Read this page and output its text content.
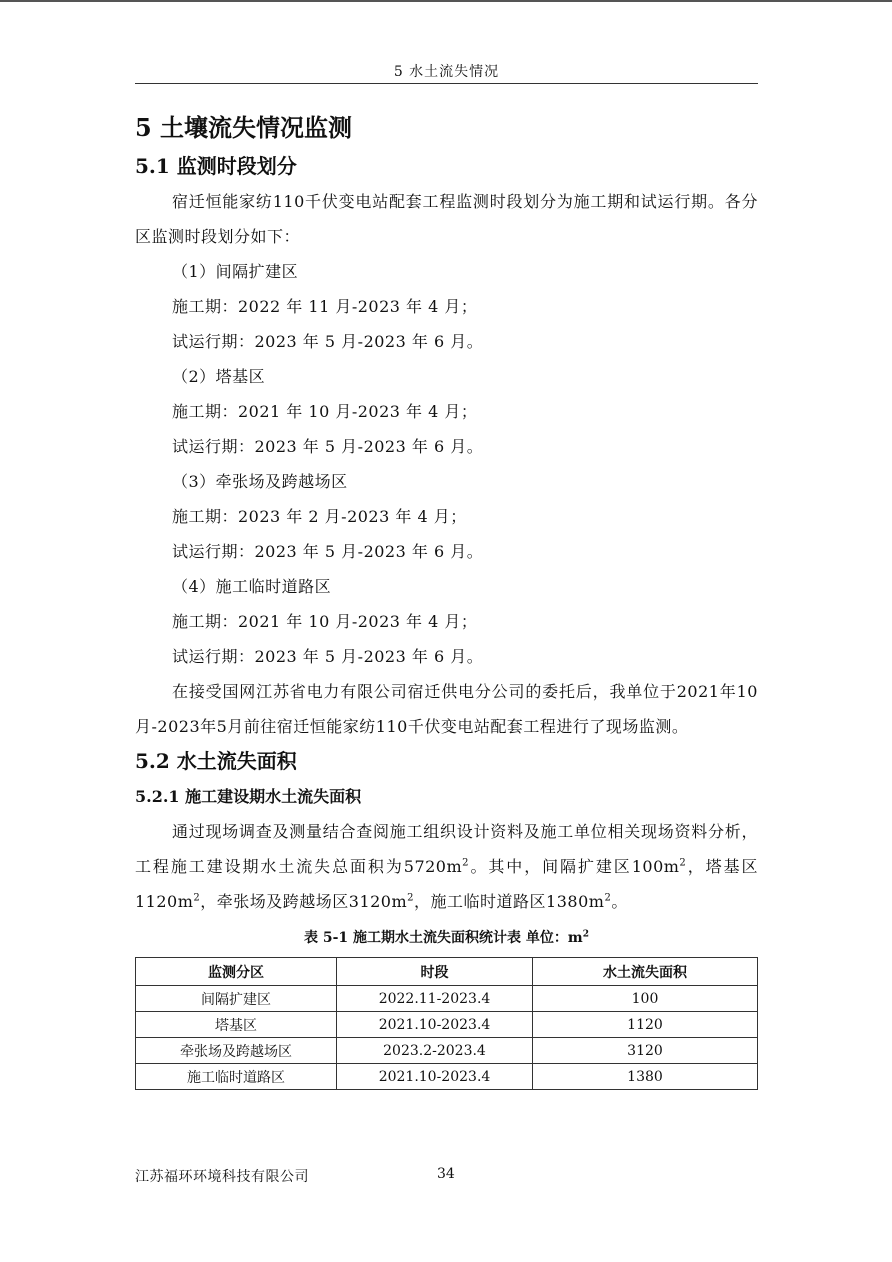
5 水土流失情况
5 土壤流失情况监测
5.1 监测时段划分

宿迁恒能家纺110千伏变电站配套工程监测时段划分为施工期和试运行期。各分区监测时段划分如下：

（1）间隔扩建区

施工期：2022 年 11 月-2023 年 4 月；

试运行期：2023 年 5 月-2023 年 6 月。

（2）塔基区

施工期：2021 年 10 月-2023 年 4 月；

试运行期：2023 年 5 月-2023 年 6 月。

（3）牵张场及跨越场区

施工期：2023 年 2 月-2023 年 4 月；

试运行期：2023 年 5 月-2023 年 6 月。

（4）施工临时道路区

施工期：2021 年 10 月-2023 年 4 月；

试运行期：2023 年 5 月-2023 年 6 月。

在接受国网江苏省电力有限公司宿迁供电分公司的委托后，我单位于2021年10月-2023年5月前往宿迁恒能家纺110千伏变电站配套工程进行了现场监测。

5.2 水土流失面积
5.2.1 施工建设期水土流失面积

通过现场调查及测量结合查阅施工组织设计资料及施工单位相关现场资料分析，工程施工建设期水土流失总面积为$5720m^2$。其中，间隔扩建区$100m^2$，塔基区$1120m^2$，牵张场及跨越场区$3120m^2$，施工临时道路区$1380m^2$。

表 5-1 施工期水土流失面积统计表 单位：$m^2$
监测分区	时段	水土流失面积
间隔扩建区	2022.11-2023.4	100
塔基区	2021.10-2023.4	1120
牵张场及跨越场区	2023.2-2023.4	3120
施工临时道路区	2021.10-2023.4	1380
江苏福环环境科技有限公司	34
